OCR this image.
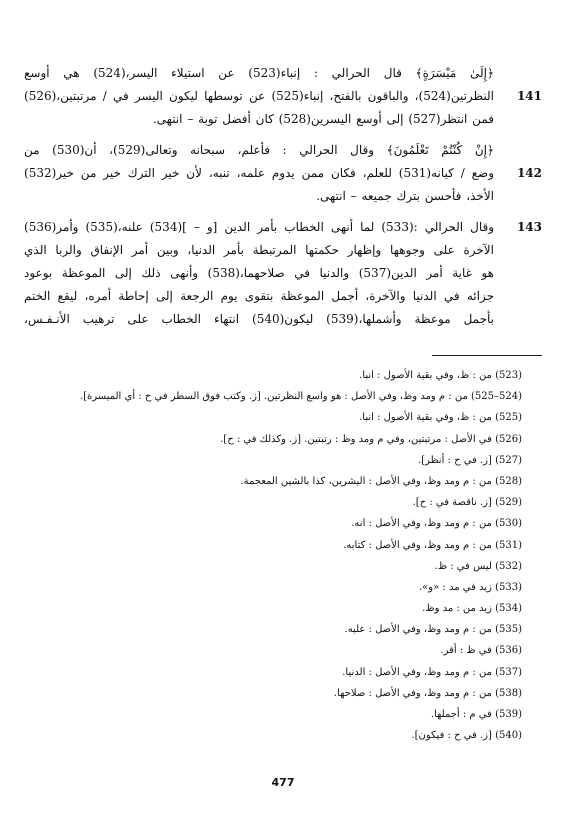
141
﴿إِلَىٰ مَيْسَرَةٍ﴾ قال الحرالي : إنباء(523) عن استيلاء اليسر،(524) هي أوسع
النظرتين(524)، والباقون بالفتح، إنباء(525) عن توسطها ليكون اليسر في / مرتبتين،(526)
فمن انتظر(527) إلى أوسع اليسرين(528) كان أفضل توبة – انتهى.
142
﴿إِنْ كُنْتُمْ تَعْلَمُونَ﴾ وقال الحرالي : فأعلم، سبحانه وتعالى(529)، أن(530) من
وضع / كيانه(531) للعلم، فكان ممن يدوم علمه، تنبه، لأن خير الترك خير من خير(532)
الأخذ، فأحسن بترك جميعه – انتهى.
143
وقال الحرالي :(533) لما أنهى الخطاب بأمر الدين [و – ](534) علنه،(535) وأمر(536)
الآخرة على وجوهها وإظهار حكمتها المرتبطة بأمر الدنيا، وبين أمر الإنفاق والربا الذي
هو غاية أمر الدين(537) والدنيا في صلاحهما،(538) وأنهى ذلك إلى الموعظة بوعود
جزائه في الدنيا والآخرة، أجمل الموعظة بتقوى يوم الرجعة إلى إحاطة أمره، ليقع الختم
بأجمل موعظة وأشملها،(539) ليكون(540) انتهاء الخطاب على ترهيب الأنـفـس،
(523) من : ظ، وفي بقية الأصول : انبا.
(524–525) من : م ومد وظ، وفي الأصل : هو واسع النظرتين. [ز. وكتب فوق السطر في ح : أي الميسرة].
(525) من : ظ، وفي بقية الأصول : انبا.
(526) في الأصل : مرتبتين، وفي م ومد وظ : رتبتين. [ز. وكذلك في : ح].
(527) [ز. في ح : أنظر].
(528) من : م ومد وظ، وفي الأصل : اليشرين، كذا بالشين المعجمة.
(529) [ز. ناقصة في : ح].
(530) من : م ومد وظ، وفي الأصل : انه.
(531) من : م ومد وظ، وفي الأصل : كتابه.
(532) ليس في : ظ.
(533) زيد في مد : «و».
(534) زيد من : مد وظ.
(535) من : م ومد وظ، وفي الأصل : عليه.
(536) في ظ : أقر.
(537) من : م ومد وظ، وفي الأصل : الدنيا.
(538) من : م ومد وظ، وفي الأصل : صلاحها.
(539) في م : أجملها.
(540) [ز. في ح : فيكون].
477
